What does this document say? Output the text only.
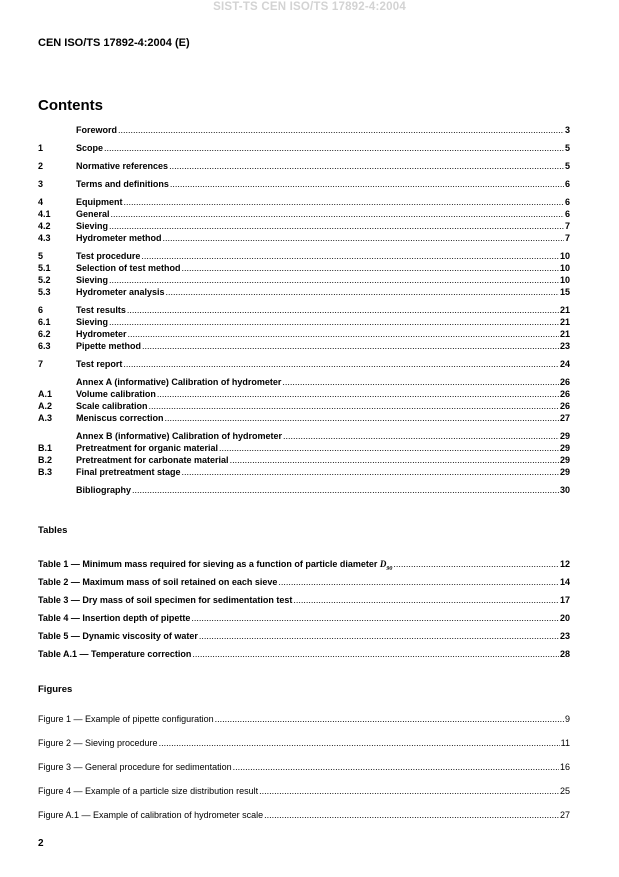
SIST-TS CEN ISO/TS 17892-4:2004
CEN ISO/TS 17892-4:2004 (E)
Contents
Foreword .....	3
1	Scope .....	5
2	Normative references .....	5
3	Terms and definitions .....	6
4	Equipment .....	6
4.1	General .....	6
4.2	Sieving .....	7
4.3	Hydrometer method .....	7
5	Test procedure .....	10
5.1	Selection of test method .....	10
5.2	Sieving .....	10
5.3	Hydrometer analysis .....	15
6	Test results .....	21
6.1	Sieving .....	21
6.2	Hydrometer .....	21
6.3	Pipette method .....	23
7	Test report .....	24
Annex A (informative) Calibration of hydrometer .....	26
A.1	Volume calibration .....	26
A.2	Scale calibration .....	26
A.3	Meniscus correction .....	27
Annex B (informative) Calibration of hydrometer .....	29
B.1	Pretreatment for organic material .....	29
B.2	Pretreatment for carbonate material .....	29
B.3	Final pretreatment stage .....	29
Bibliography .....	30
Tables
Table 1 — Minimum mass required for sieving as a function of particle diameter $D_{90}$ .....	12
Table 2 — Maximum mass of soil retained on each sieve .....	14
Table 3 — Dry mass of soil specimen for sedimentation test .....	17
Table 4 — Insertion depth of pipette .....	20
Table 5 — Dynamic viscosity of water .....	23
Table A.1 — Temperature correction .....	28
Figures
Figure 1 — Example of pipette configuration .....	9
Figure 2 — Sieving procedure .....	11
Figure 3 — General procedure for sedimentation .....	16
Figure 4 — Example of a particle size distribution result .....	25
Figure A.1 — Example of calibration of hydrometer scale .....	27
2
